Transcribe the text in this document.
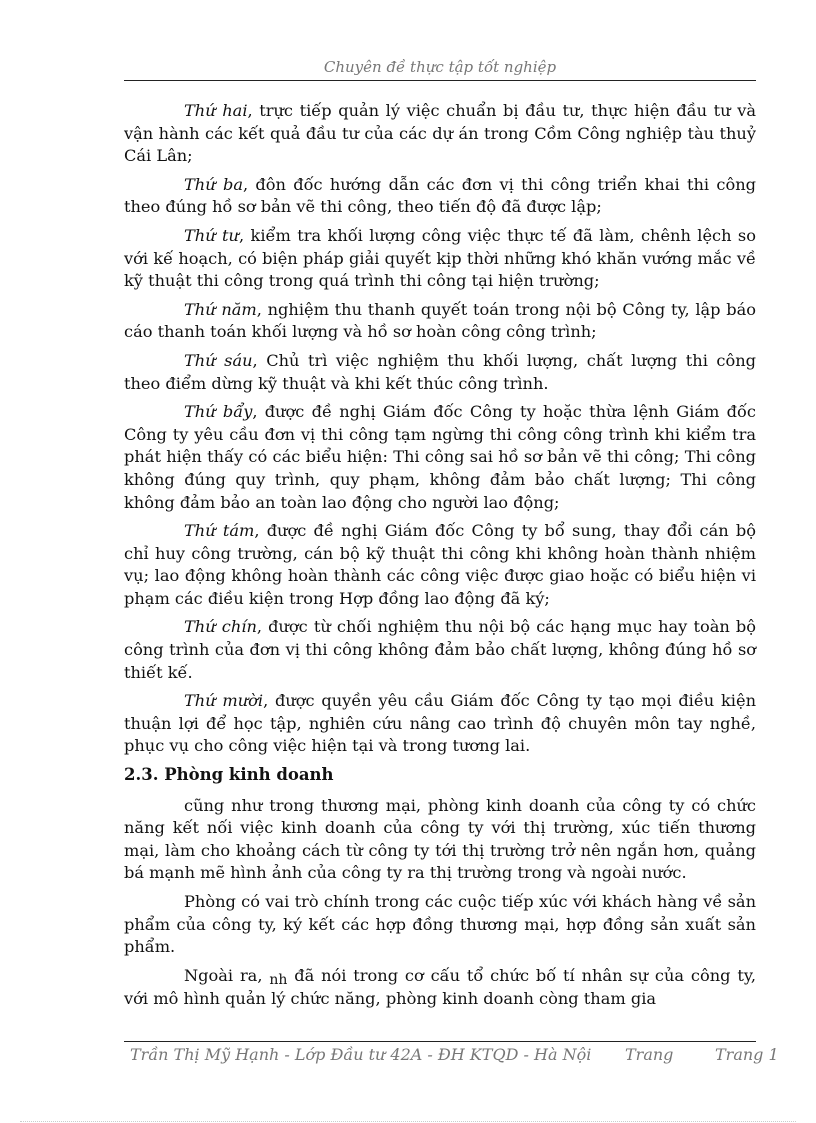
Chuyên đề thực tập tốt nghiệp

Thứ hai, trực tiếp quản lý việc chuẩn bị đầu tư, thực hiện đầu tư và vận hành các kết quả đầu tư của các dự án trong Cồm Công nghiệp tàu thuỷ Cái Lân;

Thứ ba, đôn đốc hướng dẫn các đơn vị thi công triển khai thi công theo đúng hồ sơ bản vẽ thi công, theo tiến độ đã được lập;

Thứ tư, kiểm tra khối lượng công việc thực tế đã làm, chênh lệch so với kế hoạch, có biện pháp giải quyết kịp thời những khó khăn vướng mắc về kỹ thuật thi công trong quá trình thi công tại hiện trường;

Thứ năm, nghiệm thu thanh quyết toán trong nội bộ Công ty, lập báo cáo thanh toán khối lượng và hồ sơ hoàn công công trình;

Thứ sáu, Chủ trì việc nghiệm thu khối lượng, chất lượng thi công theo điểm dừng kỹ thuật và khi kết thúc công trình.

Thứ bẩy, được đề nghị Giám đốc Công ty hoặc thừa lệnh Giám đốc Công ty yêu cầu đơn vị thi công tạm ngừng thi công công trình khi kiểm tra phát hiện thấy có các biểu hiện: Thi công sai hồ sơ bản vẽ thi công; Thi công không đúng quy trình, quy phạm, không đảm bảo chất lượng; Thi công không đảm bảo an toàn lao động cho người lao động;

Thứ tám, được đề nghị Giám đốc Công ty bổ sung, thay đổi cán bộ chỉ huy công trường, cán bộ kỹ thuật thi công khi không hoàn thành nhiệm vụ; lao động không hoàn thành các công việc được giao hoặc có biểu hiện vi phạm các điều kiện trong Hợp đồng lao động đã ký;

Thứ chín, được từ chối nghiệm thu nội bộ các hạng mục hay toàn bộ công trình của đơn vị thi công không đảm bảo chất lượng, không đúng hồ sơ thiết kế.

Thứ mười, được quyền yêu cầu Giám đốc Công ty tạo mọi điều kiện thuận lợi để học tập, nghiên cứu nâng cao trình độ chuyên môn tay nghề, phục vụ cho công việc hiện tại và trong tương lai.

2.3. Phòng kinh doanh

cũng như trong thương mại, phòng kinh doanh của công ty có chức năng kết nối việc kinh doanh của công ty với thị trường, xúc tiến thương mại, làm cho khoảng cách từ công ty tới thị trường trở nên ngắn hơn, quảng bá mạnh mẽ hình ảnh của công ty ra thị trường trong và ngoài nước.

Phòng có vai trò chính trong các cuộc tiếp xúc với khách hàng về sản phẩm của công ty, ký kết các hợp đồng thương mại, hợp đồng sản xuất sản phẩm.

Ngoài ra, nh đã nói trong cơ cấu tổ chức bố tí nhân sự của công ty, với mô hình quản lý chức năng, phòng kinh doanh còng tham gia

Trần Thị Mỹ Hạnh - Lớp Đầu tư 42A - ĐH KTQD - Hà Nội Trang	Trang 1
